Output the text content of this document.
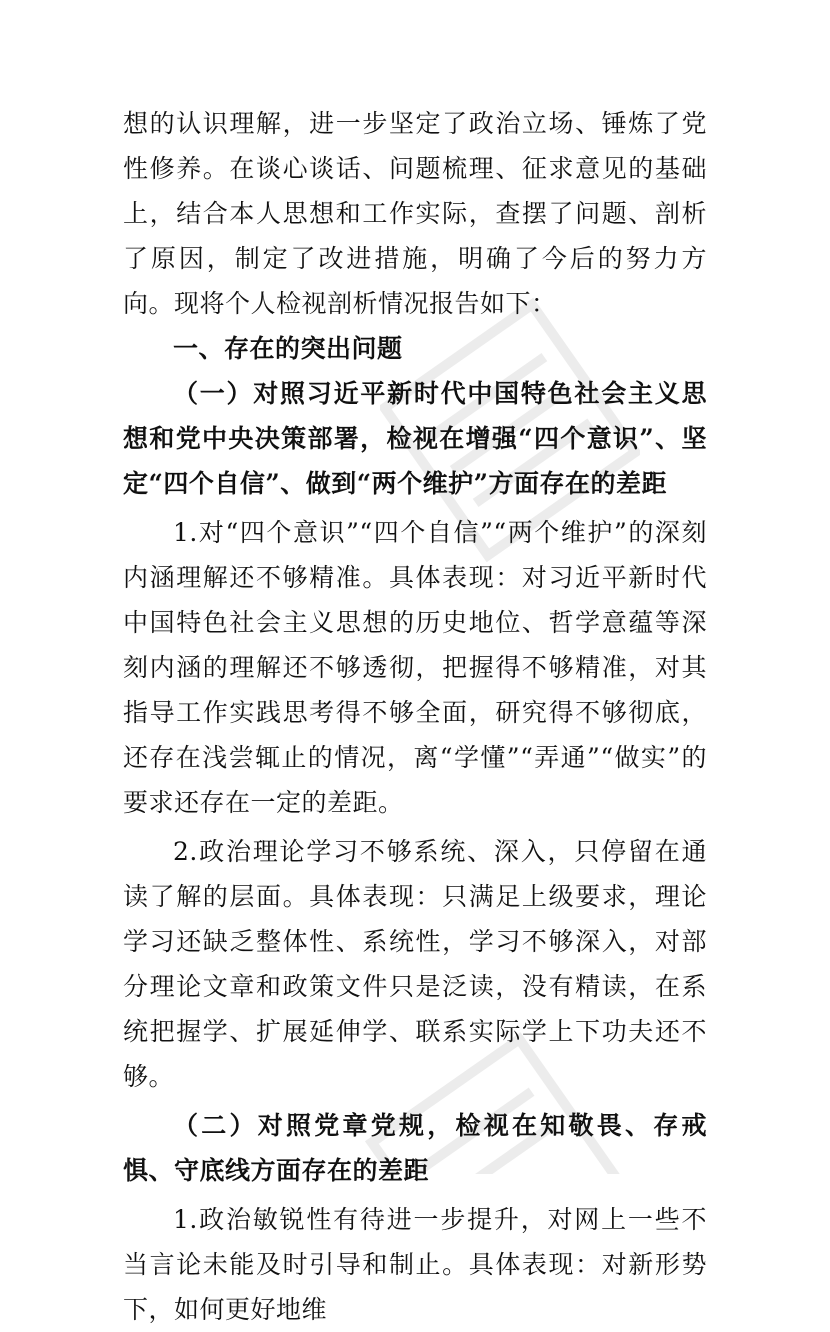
想的认识理解，进一步坚定了政治立场、锤炼了党性修养。在谈心谈话、问题梳理、征求意见的基础上，结合本人思想和工作实际，查摆了问题、剖析了原因，制定了改进措施，明确了今后的努力方向。现将个人检视剖析情况报告如下：

一、存在的突出问题

（一）对照习近平新时代中国特色社会主义思想和党中央决策部署，检视在增强“四个意识”、坚定“四个自信”、做到“两个维护”方面存在的差距

1.对“四个意识”“四个自信”“两个维护”的深刻内涵理解还不够精准。具体表现：对习近平新时代中国特色社会主义思想的历史地位、哲学意蕴等深刻内涵的理解还不够透彻，把握得不够精准，对其指导工作实践思考得不够全面，研究得不够彻底，还存在浅尝辄止的情况，离“学懂”“弄通”“做实”的要求还存在一定的差距。

2.政治理论学习不够系统、深入，只停留在通读了解的层面。具体表现：只满足上级要求，理论学习还缺乏整体性、系统性，学习不够深入，对部分理论文章和政策文件只是泛读，没有精读，在系统把握学、扩展延伸学、联系实际学上下功夫还不够。

（二）对照党章党规，检视在知敬畏、存戒惧、守底线方面存在的差距

1.政治敏锐性有待进一步提升，对网上一些不当言论未能及时引导和制止。具体表现：对新形势下，如何更好地维
